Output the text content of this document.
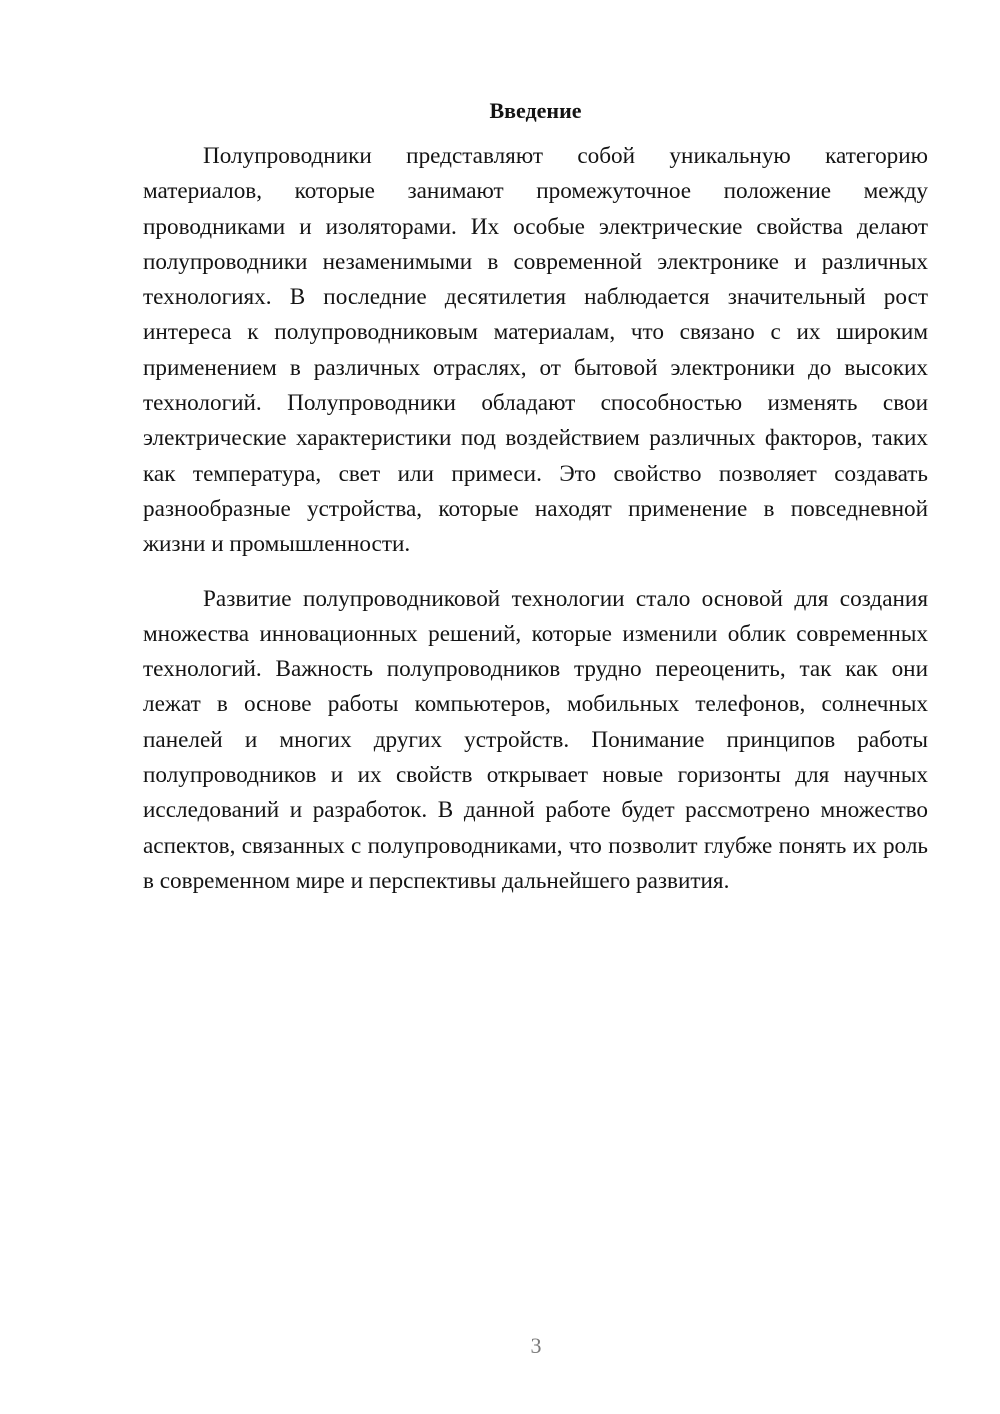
Введение

Полупроводники представляют собой уникальную категорию материалов, которые занимают промежуточное положение между проводниками и изоляторами. Их особые электрические свойства делают полупроводники незаменимыми в современной электронике и различных технологиях. В последние десятилетия наблюдается значительный рост интереса к полупроводниковым материалам, что связано с их широким применением в различных отраслях, от бытовой электроники до высоких технологий. Полупроводники обладают способностью изменять свои электрические характеристики под воздействием различных факторов, таких как температура, свет или примеси. Это свойство позволяет создавать разнообразные устройства, которые находят применение в повседневной жизни и промышленности.

Развитие полупроводниковой технологии стало основой для создания множества инновационных решений, которые изменили облик современных технологий. Важность полупроводников трудно переоценить, так как они лежат в основе работы компьютеров, мобильных телефонов, солнечных панелей и многих других устройств. Понимание принципов работы полупроводников и их свойств открывает новые горизонты для научных исследований и разработок. В данной работе будет рассмотрено множество аспектов, связанных с полупроводниками, что позволит глубже понять их роль в современном мире и перспективы дальнейшего развития.

3
